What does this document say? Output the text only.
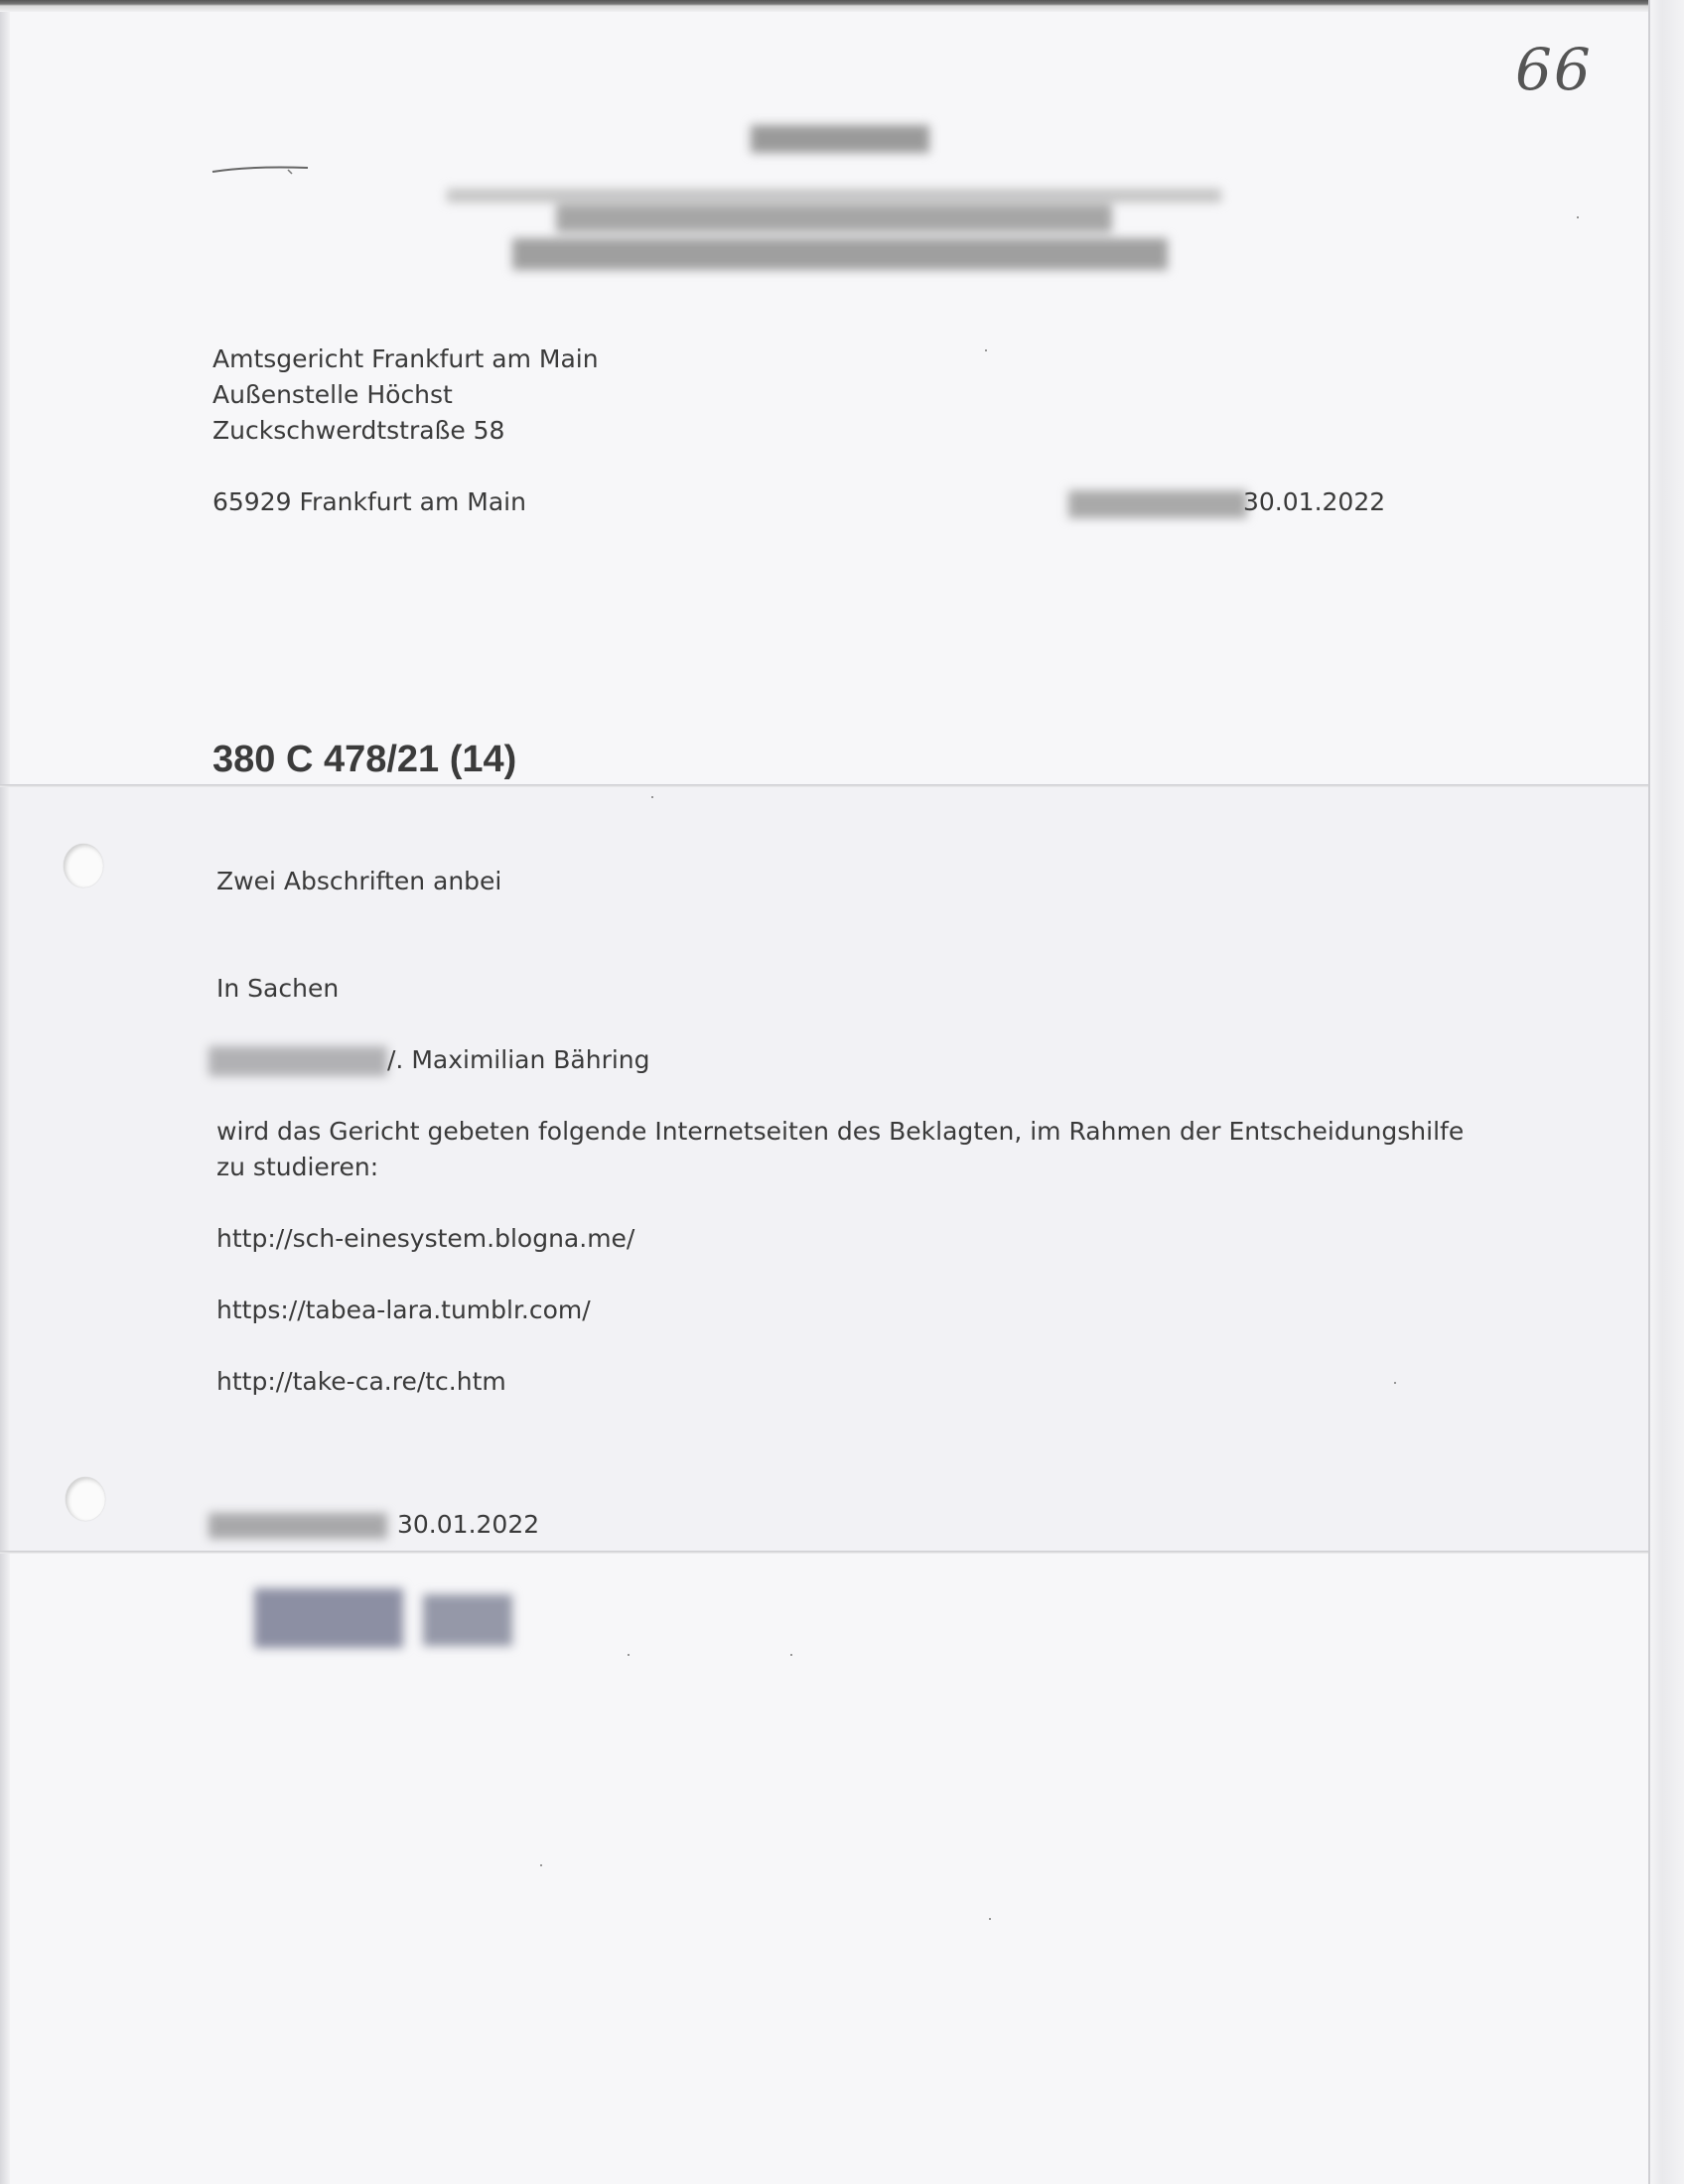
66
Amtsgericht Frankfurt am Main
Außenstelle Höchst
Zuckschwerdtstraße 58
65929 Frankfurt am Main	30.01.2022
380 C 478/21 (14)
Zwei Abschriften anbei
In Sachen
/. Maximilian Bähring

wird das Gericht gebeten folgende Internetseiten des Beklagten, im Rahmen der Entscheidungshilfe zu studieren:

http://sch-einesystem.blogna.me/
https://tabea-lara.tumblr.com/
http://take-ca.re/tc.htm
30.01.2022
